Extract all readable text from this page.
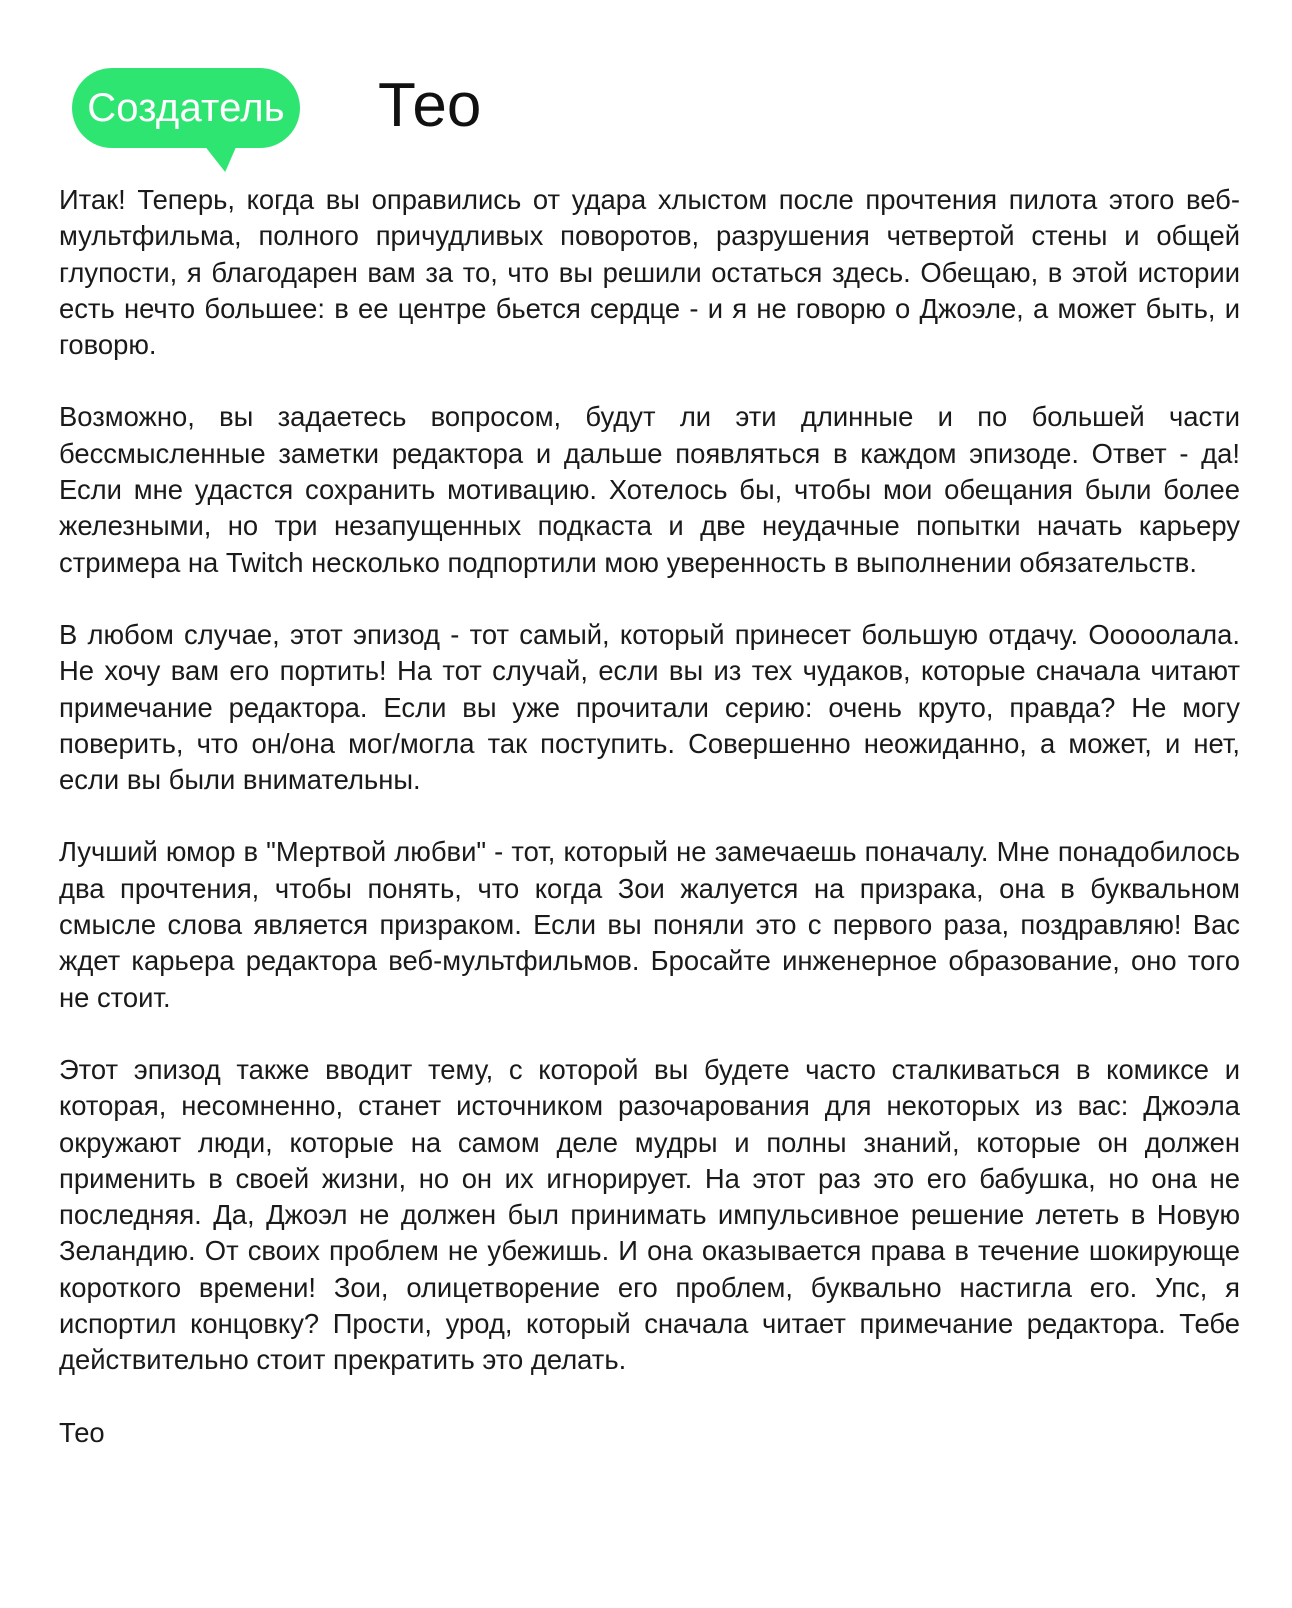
Создатель Тео

Итак! Теперь, когда вы оправились от удара хлыстом после прочтения пилота этого веб-мультфильма, полного причудливых поворотов, разрушения четвертой стены и общей глупости, я благодарен вам за то, что вы решили остаться здесь. Обещаю, в этой истории есть нечто большее: в ее центре бьется сердце - и я не говорю о Джоэле, а может быть, и говорю.

Возможно, вы задаетесь вопросом, будут ли эти длинные и по большей части бессмысленные заметки редактора и дальше появляться в каждом эпизоде. Ответ - да! Если мне удастся сохранить мотивацию. Хотелось бы, чтобы мои обещания были более железными, но три незапущенных подкаста и две неудачные попытки начать карьеру стримера на Twitch несколько подпортили мою уверенность в выполнении обязательств.

В любом случае, этот эпизод - тот самый, который принесет большую отдачу. Ооооолала. Не хочу вам его портить! На тот случай, если вы из тех чудаков, которые сначала читают примечание редактора. Если вы уже прочитали серию: очень круто, правда? Не могу поверить, что он/она мог/могла так поступить. Совершенно неожиданно, а может, и нет, если вы были внимательны.

Лучший юмор в "Мертвой любви" - тот, который не замечаешь поначалу. Мне понадобилось два прочтения, чтобы понять, что когда Зои жалуется на призрака, она в буквальном смысле слова является призраком. Если вы поняли это с первого раза, поздравляю! Вас ждет карьера редактора веб-мультфильмов. Бросайте инженерное образование, оно того не стоит.

Этот эпизод также вводит тему, с которой вы будете часто сталкиваться в комиксе и которая, несомненно, станет источником разочарования для некоторых из вас: Джоэла окружают люди, которые на самом деле мудры и полны знаний, которые он должен применить в своей жизни, но он их игнорирует. На этот раз это его бабушка, но она не последняя. Да, Джоэл не должен был принимать импульсивное решение лететь в Новую Зеландию. От своих проблем не убежишь. И она оказывается права в течение шокирующе короткого времени! Зои, олицетворение его проблем, буквально настигла его. Упс, я испортил концовку? Прости, урод, который сначала читает примечание редактора. Тебе действительно стоит прекратить это делать.

Тео
